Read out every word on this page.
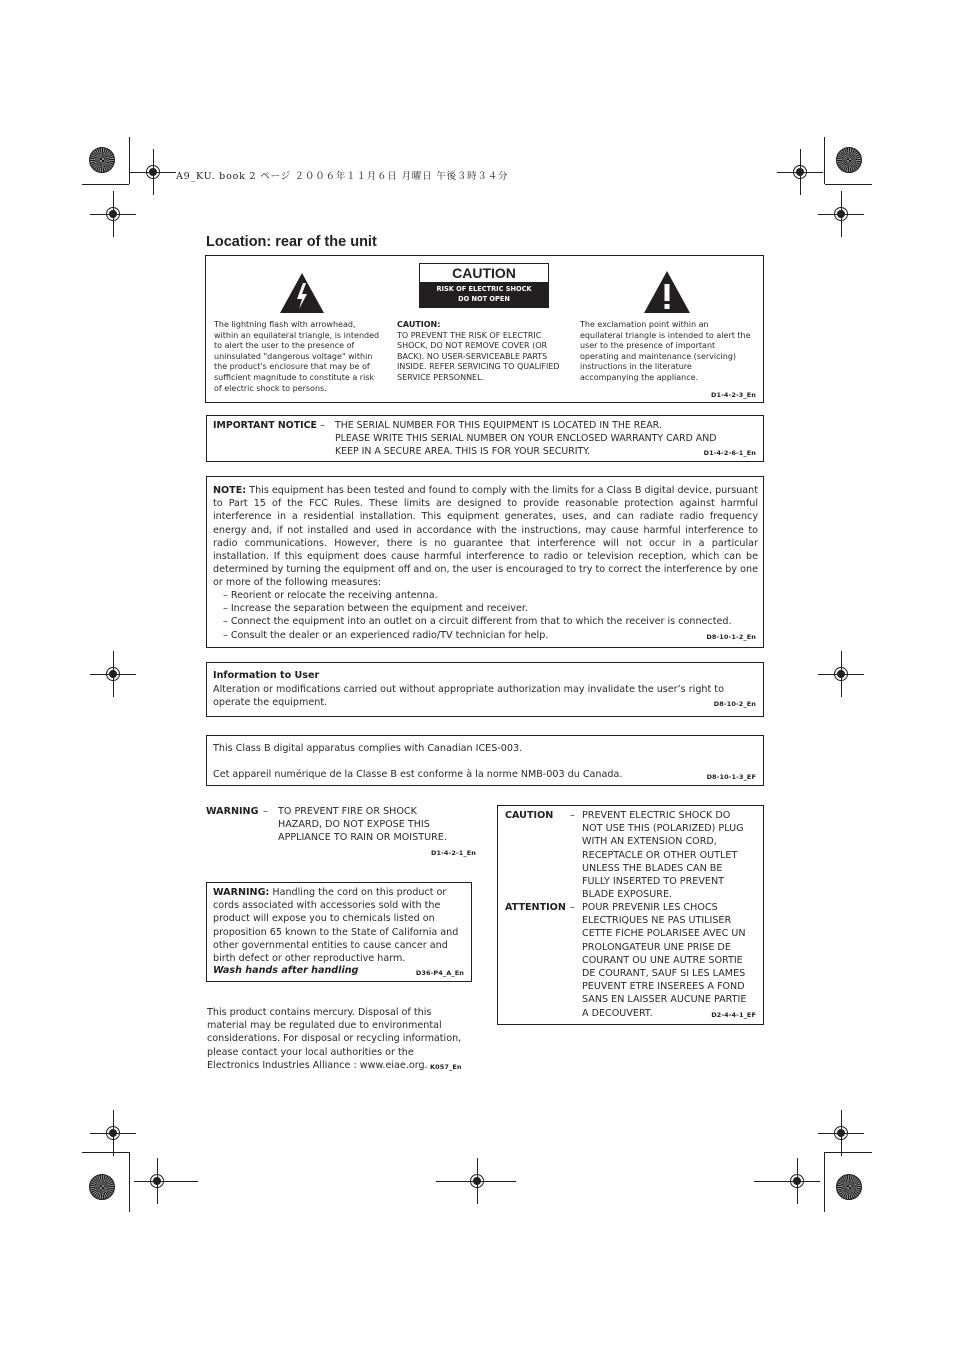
A9_KU. book 2 ページ ２００６年１１月６日 月曜日 午後３時３４分
Location: rear of the unit
CAUTION
RISK OF ELECTRIC SHOCK
DO NOT OPEN
The lightning flash with arrowhead, within an equilateral triangle, is intended to alert the user to the presence of uninsulated "dangerous voltage" within the product's enclosure that may be of sufficient magnitude to constitute a risk of electric shock to persons.
CAUTION:
TO PREVENT THE RISK OF ELECTRIC SHOCK, DO NOT REMOVE COVER (OR BACK). NO USER-SERVICEABLE PARTS INSIDE. REFER SERVICING TO QUALIFIED SERVICE PERSONNEL.
The exclamation point within an equilateral triangle is intended to alert the user to the presence of important operating and maintenance (servicing) instructions in the literature accompanying the appliance.
D1-4-2-3_En
IMPORTANT NOTICE – THE SERIAL NUMBER FOR THIS EQUIPMENT IS LOCATED IN THE REAR.
PLEASE WRITE THIS SERIAL NUMBER ON YOUR ENCLOSED WARRANTY CARD AND
KEEP IN A SECURE AREA. THIS IS FOR YOUR SECURITY.	D1-4-2-6-1_En
NOTE: This equipment has been tested and found to comply with the limits for a Class B digital device, pursuant to Part 15 of the FCC Rules. These limits are designed to provide reasonable protection against harmful interference in a residential installation. This equipment generates, uses, and can radiate radio frequency energy and, if not installed and used in accordance with the instructions, may cause harmful interference to radio communications. However, there is no guarantee that interference will not occur in a particular installation. If this equipment does cause harmful interference to radio or television reception, which can be determined by turning the equipment off and on, the user is encouraged to try to correct the interference by one or more of the following measures:
– Reorient or relocate the receiving antenna.
– Increase the separation between the equipment and receiver.
– Connect the equipment into an outlet on a circuit different from that to which the receiver is connected.
– Consult the dealer or an experienced radio/TV technician for help.	D8-10-1-2_En
Information to User
Alteration or modifications carried out without appropriate authorization may invalidate the user’s right to operate the equipment.	D8-10-2_En
This Class B digital apparatus complies with Canadian ICES-003.
Cet appareil numérique de la Classe B est conforme à la norme NMB-003 du Canada.	D8-10-1-3_EF
WARNING – TO PREVENT FIRE OR SHOCK
HAZARD, DO NOT EXPOSE THIS
APPLIANCE TO RAIN OR MOISTURE.
D1-4-2-1_En
WARNING: Handling the cord on this product or cords associated with accessories sold with the product will expose you to chemicals listed on proposition 65 known to the State of California and other governmental entities to cause cancer and birth defect or other reproductive harm.
Wash hands after handling	D36-P4_A_En
This product contains mercury. Disposal of this material may be regulated due to environmental considerations. For disposal or recycling information, please contact your local authorities or the Electronics Industries Alliance : www.eiae.org. K057_En
CAUTION – PREVENT ELECTRIC SHOCK DO
NOT USE THIS (POLARIZED) PLUG
WITH AN EXTENSION CORD,
RECEPTACLE OR OTHER OUTLET
UNLESS THE BLADES CAN BE
FULLY INSERTED TO PREVENT
BLADE EXPOSURE.
ATTENTION – POUR PREVENIR LES CHOCS
ELECTRIQUES NE PAS UTILISER
CETTE FICHE POLARISEE AVEC UN
PROLONGATEUR UNE PRISE DE
COURANT OU UNE AUTRE SORTIE
DE COURANT, SAUF SI LES LAMES
PEUVENT ETRE INSEREES A FOND
SANS EN LAISSER AUCUNE PARTIE
A DECOUVERT.	D2-4-4-1_EF
